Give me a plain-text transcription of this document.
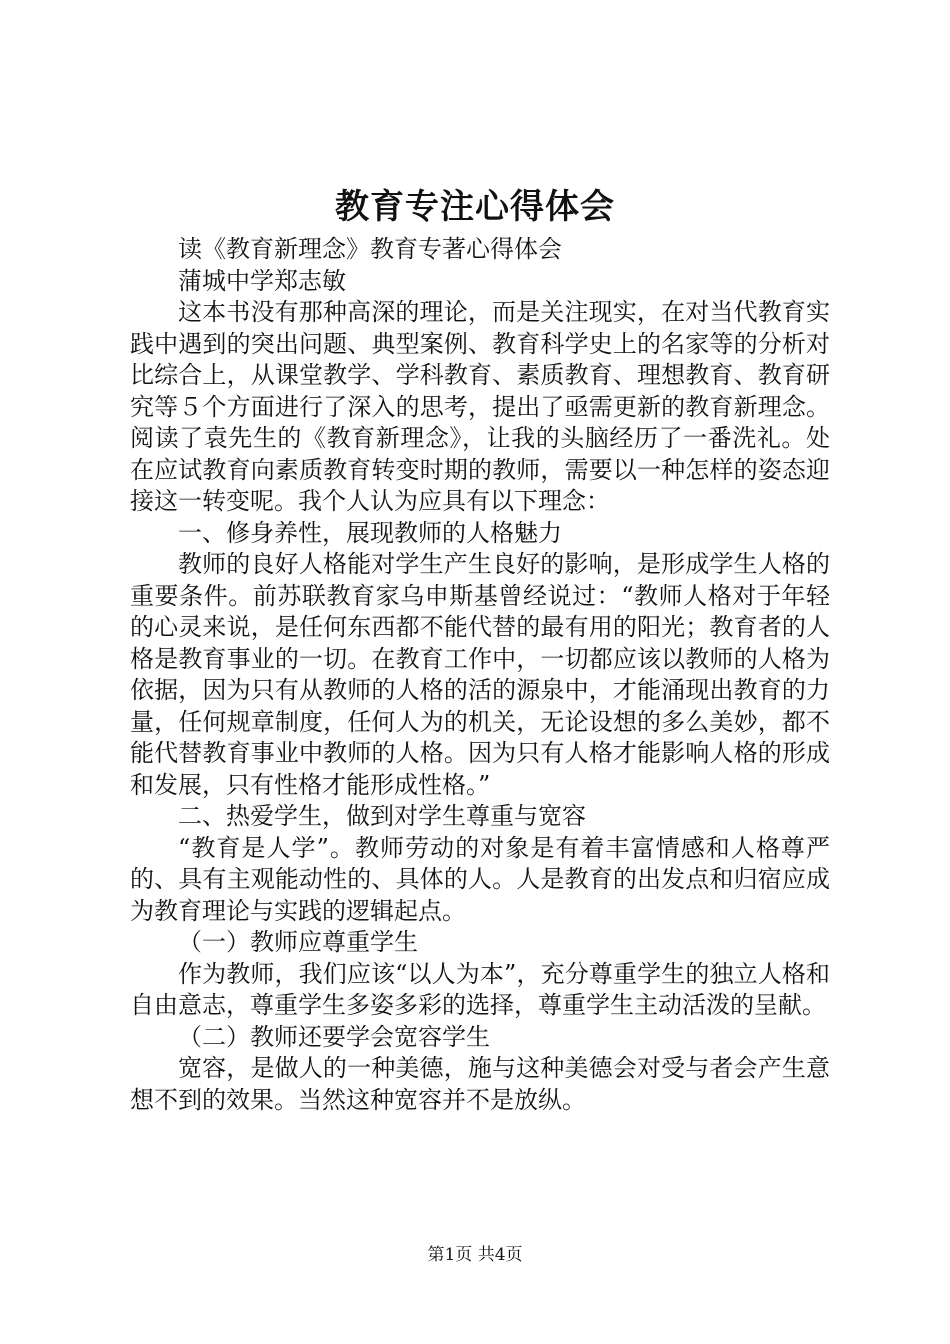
教育专注心得体会

读《教育新理念》教育专著心得体会

蒲城中学郑志敏

这本书没有那种高深的理论，而是关注现实，在对当代教育实践中遇到的突出问题、典型案例、教育科学史上的名家等的分析对比综合上，从课堂教学、学科教育、素质教育、理想教育、教育研究等５个方面进行了深入的思考，提出了亟需更新的教育新理念。阅读了袁先生的《教育新理念》，让我的头脑经历了一番洗礼。处在应试教育向素质教育转变时期的教师，需要以一种怎样的姿态迎接这一转变呢。我个人认为应具有以下理念：

一、修身养性，展现教师的人格魅力

教师的良好人格能对学生产生良好的影响，是形成学生人格的重要条件。前苏联教育家乌申斯基曾经说过：“教师人格对于年轻的心灵来说，是任何东西都不能代替的最有用的阳光；教育者的人格是教育事业的一切。在教育工作中，一切都应该以教师的人格为依据，因为只有从教师的人格的活的源泉中，才能涌现出教育的力量，任何规章制度，任何人为的机关，无论设想的多么美妙，都不能代替教育事业中教师的人格。因为只有人格才能影响人格的形成和发展，只有性格才能形成性格。”

二、热爱学生，做到对学生尊重与宽容

“教育是人学”。教师劳动的对象是有着丰富情感和人格尊严的、具有主观能动性的、具体的人。人是教育的出发点和归宿应成为教育理论与实践的逻辑起点。

（一）教师应尊重学生

作为教师，我们应该“以人为本”，充分尊重学生的独立人格和自由意志，尊重学生多姿多彩的选择，尊重学生主动活泼的呈献。

（二）教师还要学会宽容学生

宽容，是做人的一种美德，施与这种美德会对受与者会产生意想不到的效果。当然这种宽容并不是放纵。

第1页 共4页
